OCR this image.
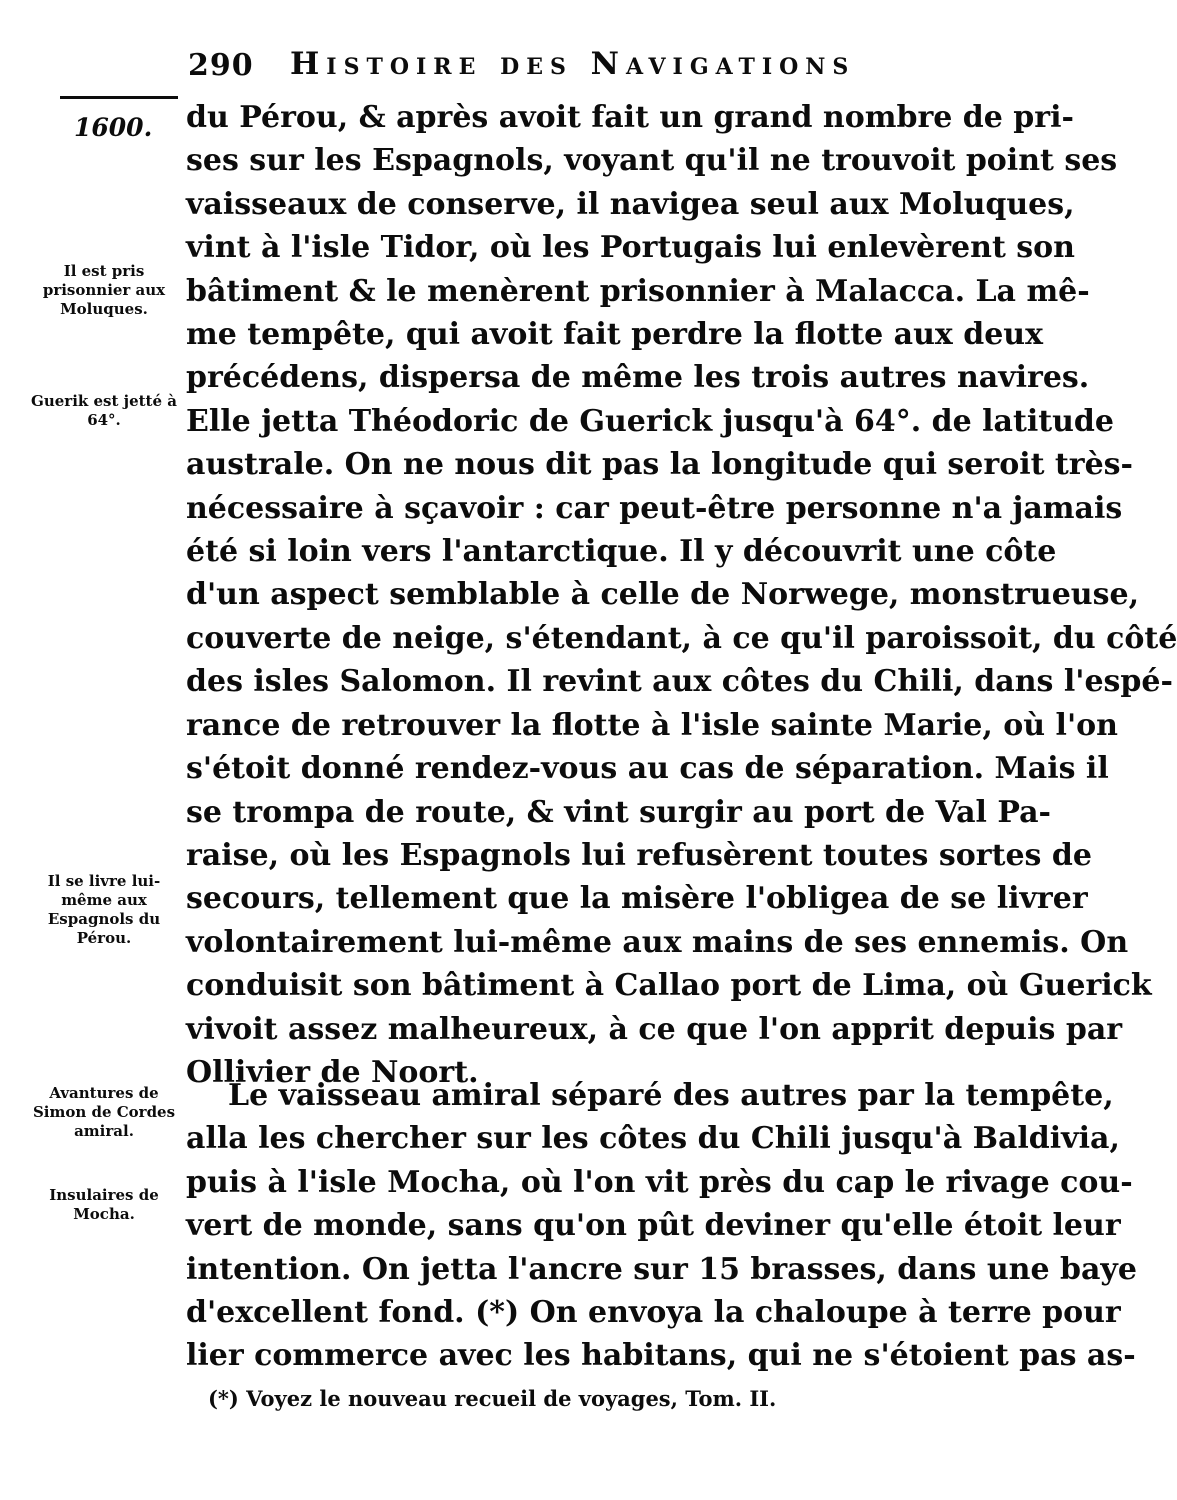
290 Histoire des Navigations
1600.
Il est pris prisonnier aux Moluques.
Guerik est jetté à 64°.
Il se livre lui-même aux Espagnols du Pérou.
Avantures de Simon de Cordes amiral.
Insulaires de Mocha.
du Pérou, & après avoit fait un grand nombre de pri-
ses sur les Espagnols, voyant qu'il ne trouvoit point ses
vaisseaux de conserve, il navigea seul aux Moluques,
vint à l'isle Tidor, où les Portugais lui enlevèrent son
bâtiment & le menèrent prisonnier à Malacca. La mê-
me tempête, qui avoit fait perdre la flotte aux deux
précédens, dispersa de même les trois autres navires.
Elle jetta Théodoric de Guerick jusqu'à 64°. de latitude
australe. On ne nous dit pas la longitude qui seroit très-
nécessaire à sçavoir : car peut-être personne n'a jamais
été si loin vers l'antarctique. Il y découvrit une côte
d'un aspect semblable à celle de Norwege, monstrueuse,
couverte de neige, s'étendant, à ce qu'il paroissoit, du côté
des isles Salomon. Il revint aux côtes du Chili, dans l'espé-
rance de retrouver la flotte à l'isle sainte Marie, où l'on
s'étoit donné rendez-vous au cas de séparation. Mais il
se trompa de route, & vint surgir au port de Val Pa-
raise, où les Espagnols lui refusèrent toutes sortes de
secours, tellement que la misère l'obligea de se livrer
volontairement lui-même aux mains de ses ennemis. On
conduisit son bâtiment à Callao port de Lima, où Guerick
vivoit assez malheureux, à ce que l'on apprit depuis par
Ollivier de Noort.
Le vaisseau amiral séparé des autres par la tempête,
alla les chercher sur les côtes du Chili jusqu'à Baldivia,
puis à l'isle Mocha, où l'on vit près du cap le rivage cou-
vert de monde, sans qu'on pût deviner qu'elle étoit leur
intention. On jetta l'ancre sur 15 brasses, dans une baye
d'excellent fond. (*) On envoya la chaloupe à terre pour
lier commerce avec les habitans, qui ne s'étoient pas as-
(*) Voyez le nouveau recueil de voyages, Tom. II.
